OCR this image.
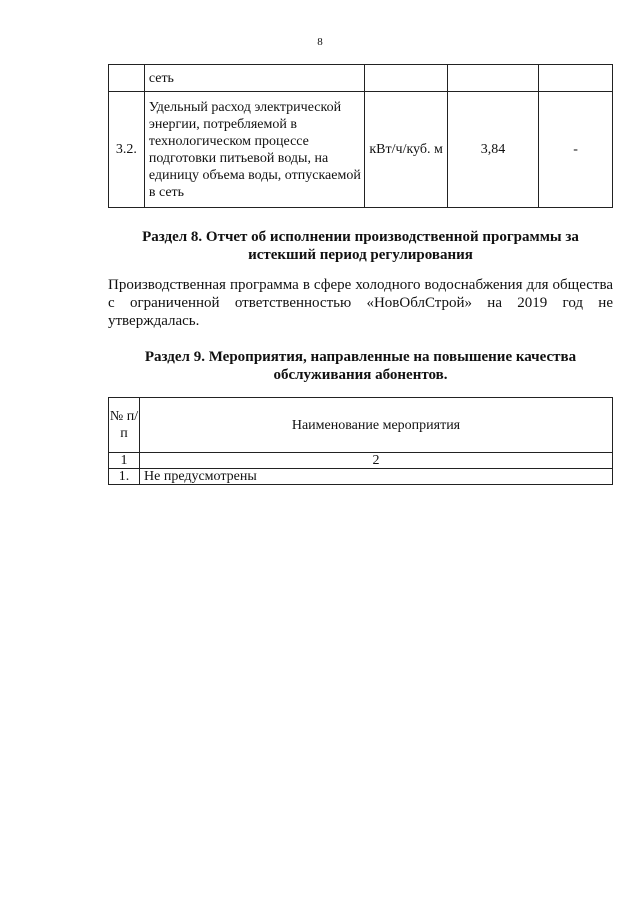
8
	сеть			
3.2.	Удельный расход электрической энергии, потребляемой в технологическом процессе подготовки питьевой воды, на единицу объема воды, отпускаемой в сеть	кВт/ч/куб. м	3,84	-
Раздел 8. Отчет об исполнении производственной программы за истекший период регулирования
Производственная программа в сфере холодного водоснабжения для общества с ограниченной ответственностью «НовОблСтрой» на 2019 год не утверждалась.
Раздел 9. Мероприятия, направленные на повышение качества обслуживания абонентов.
№ п/п	Наименование мероприятия
1	2
1.	Не предусмотрены
